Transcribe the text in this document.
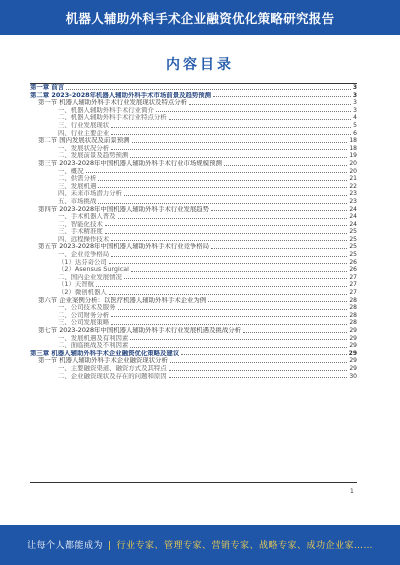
机器人辅助外科手术企业融资优化策略研究报告
内容目录
第一章 前言	3
第二章 2023-2028年机器人辅助外科手术市场前景及趋势预测	3
第一节 机器人辅助外科手术行业发展现状及特点分析	3
一、机器人辅助外科手术行业简介	3
二、机器人辅助外科手术行业特点分析	4
三、行业发展现状	5
四、行业主要企业	6
第二节 国内发展状况及前景预测	18
一、发展状况分析	18
二、发展前景及趋势预测	19
第三节 2023-2028年中国机器人辅助外科手术行业市场规模预测	20
一、概况	20
二、供需分析	21
三、发展机遇	22
四、未来市场潜力分析	23
五、市场挑战	23
第四节 2023-2028年中国机器人辅助外科手术行业发展趋势	24
一、手术机器人普及	24
二、智能化技术	24
三、手术精准度	25
四、远程操作技术	25
第五节 2023-2028年中国机器人辅助外科手术行业竞争格局	25
一、企业竞争格局	25
（1）达芬奇公司	26
（2）Asensus Surgical	26
二、国内企业发展情况	27
（1）天智航	27
（2）微创机器人	27
第六节 企业案例分析：以医疗机器人辅助外科手术企业为例	28
一、公司技术及服务	28
二、公司财务分析	28
三、公司发展策略	28
第七节 2023-2028年中国机器人辅助外科手术行业发展机遇及挑战分析	29
一、发展机遇及有利因素	29
二、面临挑战及不利因素	29
第三章 机器人辅助外科手术企业融资优化策略及建议	29
第一节 机器人辅助外科手术企业融资现状分析	29
一、主要融资渠道、融资方式及其特点	29
二、企业融资现状及存在的问题和原因	30
1
让每个人都能成为 | 行业专家、管理专家、营销专家、战略专家、成功企业家……
